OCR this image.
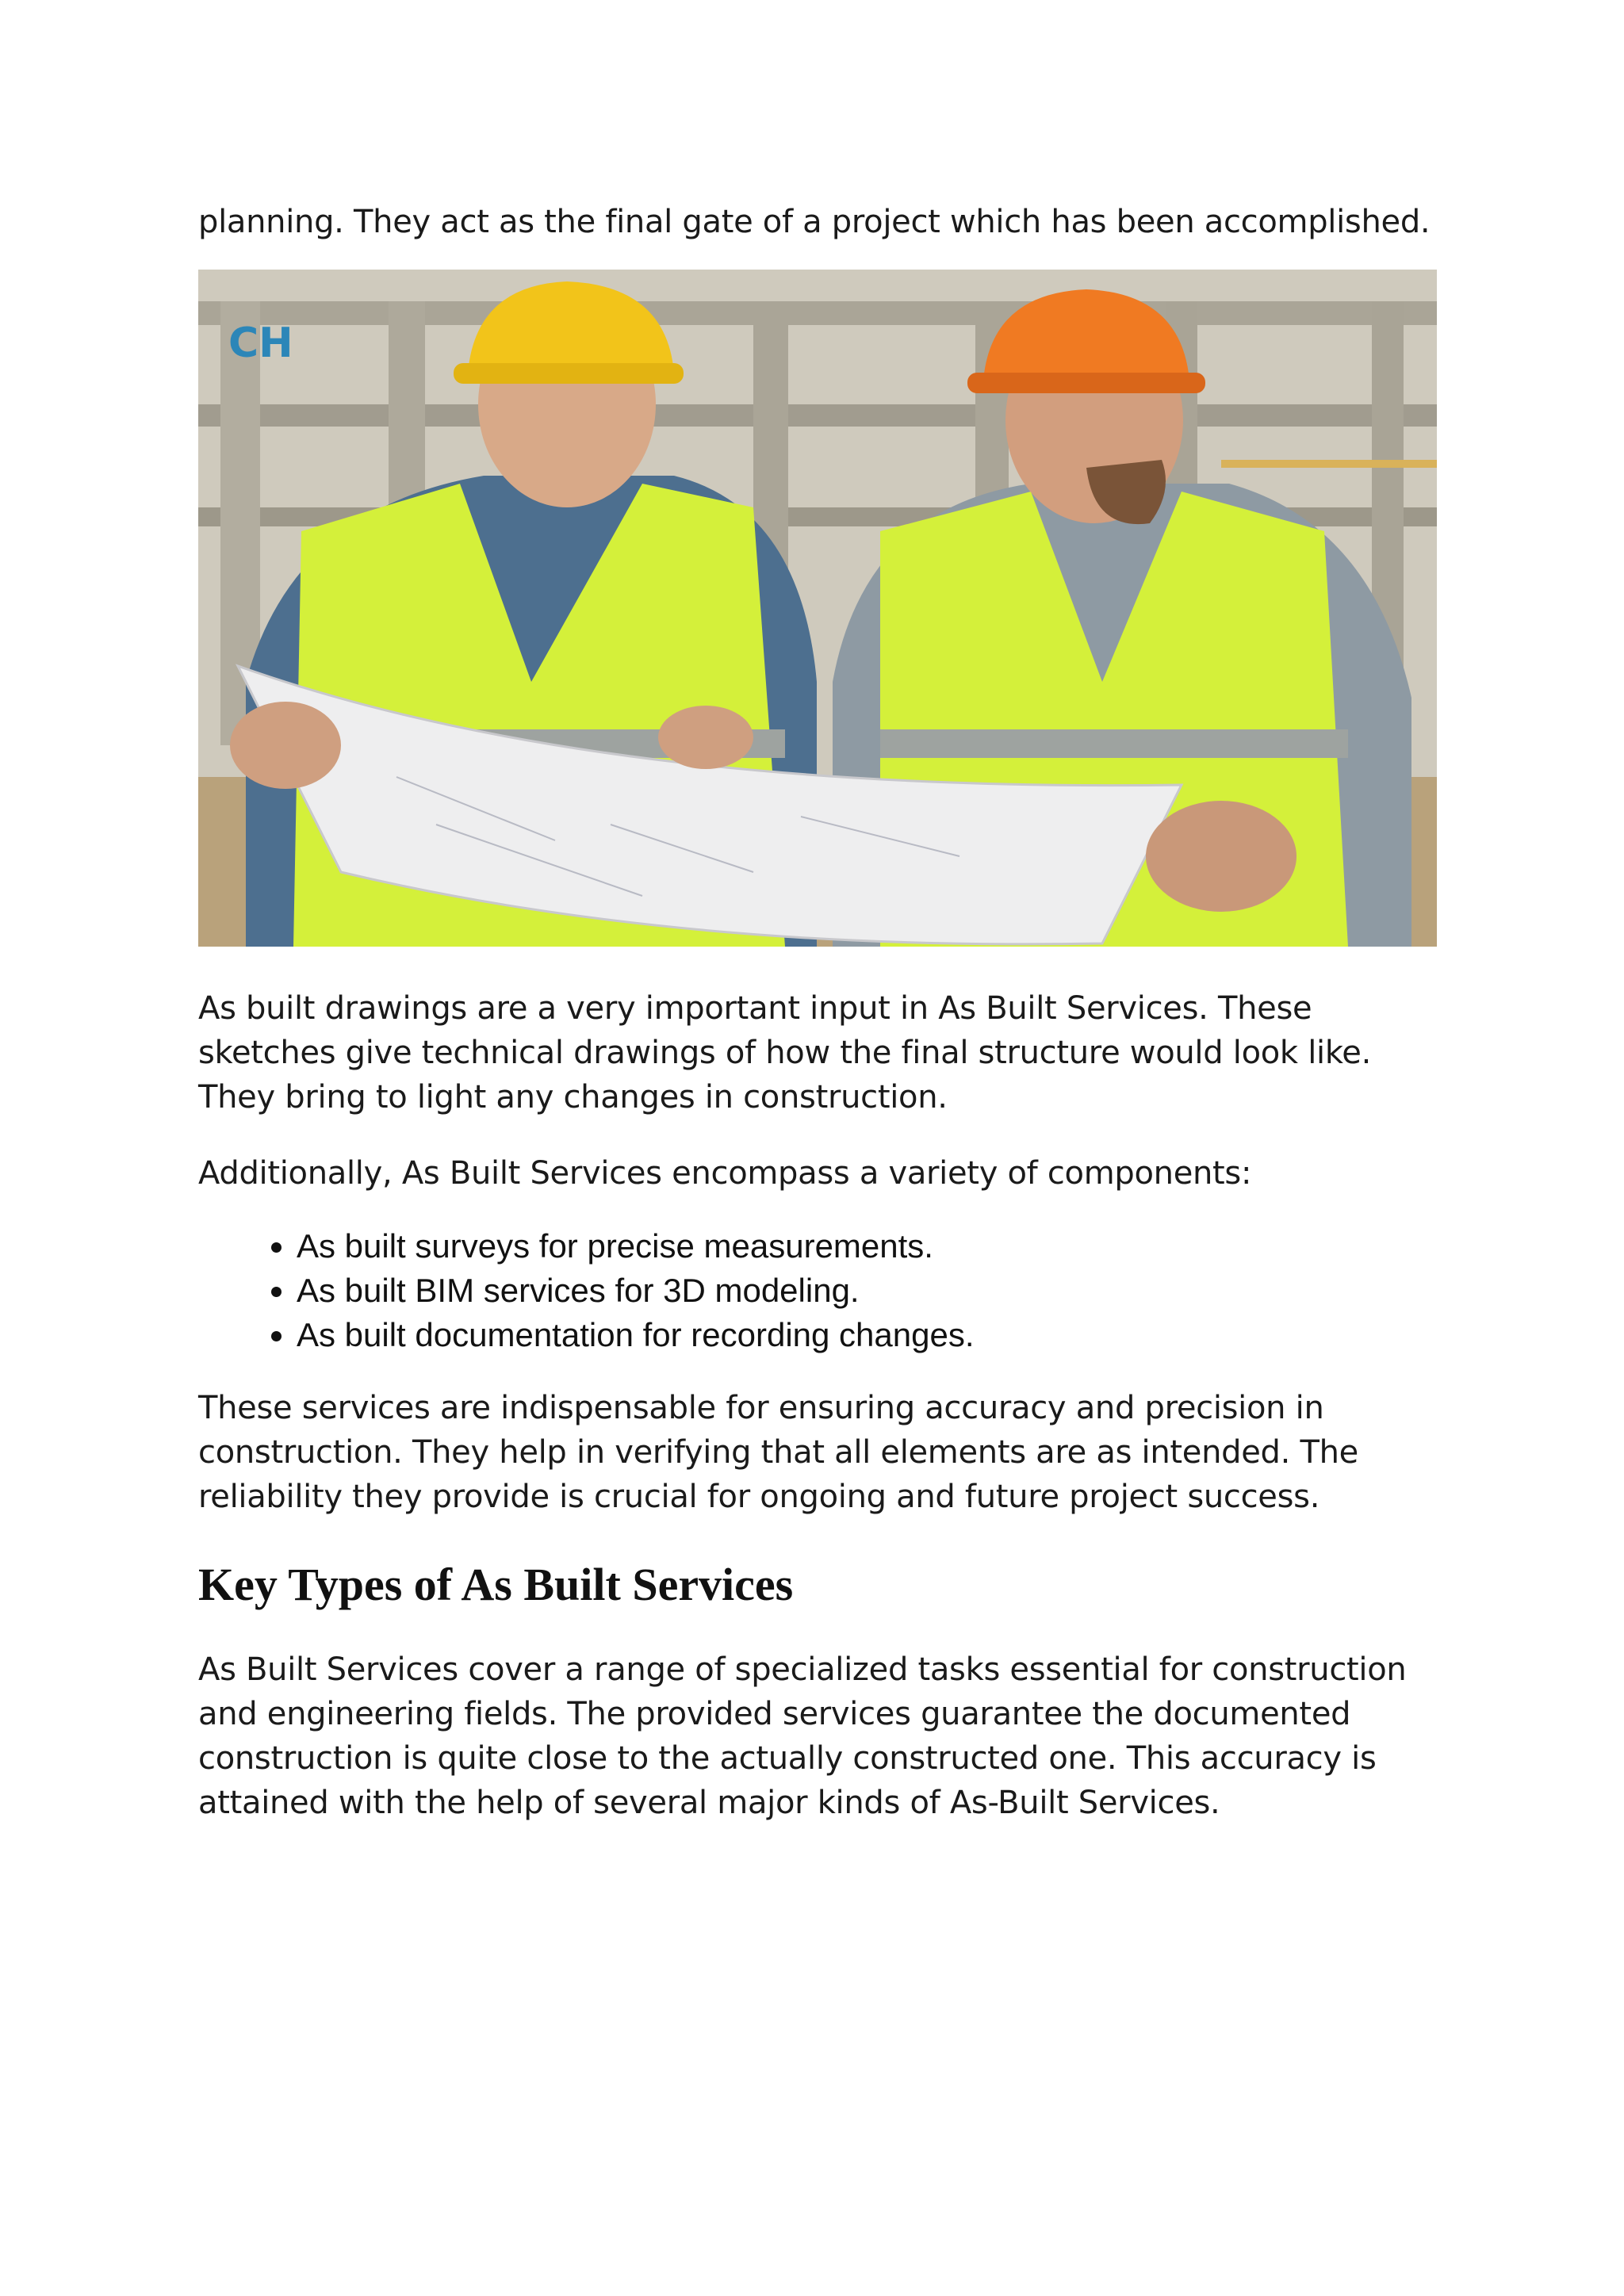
planning. They act as the final gate of a project which has been accomplished.

CH

As built drawings are a very important input in As Built Services. These sketches give technical drawings of how the final structure would look like. They bring to light any changes in construction.

Additionally, As Built Services encompass a variety of components:

• As built surveys for precise measurements.
• As built BIM services for 3D modeling.
• As built documentation for recording changes.

These services are indispensable for ensuring accuracy and precision in construction. They help in verifying that all elements are as intended. The reliability they provide is crucial for ongoing and future project success.

Key Types of As Built Services

As Built Services cover a range of specialized tasks essential for construction and engineering fields. The provided services guarantee the documented construction is quite close to the actually constructed one. This accuracy is attained with the help of several major kinds of As-Built Services.
